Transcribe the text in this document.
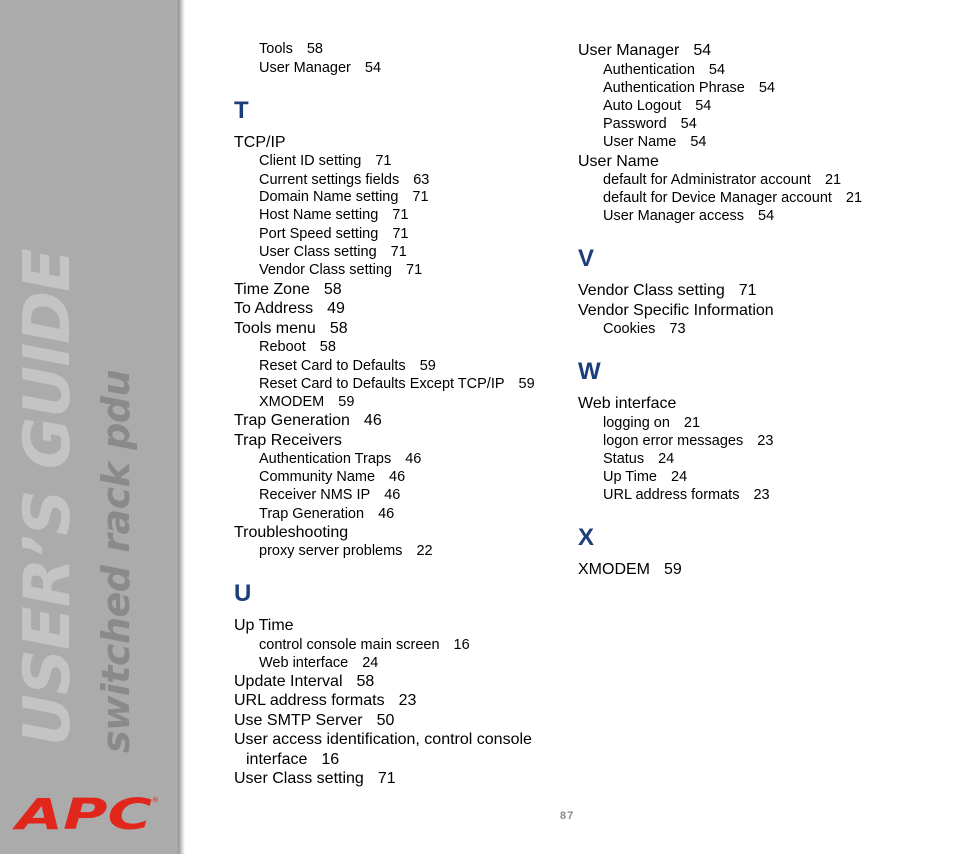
USER’S GUIDE switched rack pdu
APC ®
Tools 58
User Manager 54
T
TCP/IP
Client ID setting 71
Current settings fields 63
Domain Name setting 71
Host Name setting 71
Port Speed setting 71
User Class setting 71
Vendor Class setting 71
Time Zone 58
To Address 49
Tools menu 58
Reboot 58
Reset Card to Defaults 59
Reset Card to Defaults Except TCP/IP 59
XMODEM 59
Trap Generation 46
Trap Receivers
Authentication Traps 46
Community Name 46
Receiver NMS IP 46
Trap Generation 46
Troubleshooting
proxy server problems 22
U
Up Time
control console main screen 16
Web interface 24
Update Interval 58
URL address formats 23
Use SMTP Server 50
User access identification, control console
interface 16
User Class setting 71
User Manager 54
Authentication 54
Authentication Phrase 54
Auto Logout 54
Password 54
User Name 54
User Name
default for Administrator account 21
default for Device Manager account 21
User Manager access 54
V
Vendor Class setting 71
Vendor Specific Information
Cookies 73
W
Web interface
logging on 21
logon error messages 23
Status 24
Up Time 24
URL address formats 23
X
XMODEM 59
87
